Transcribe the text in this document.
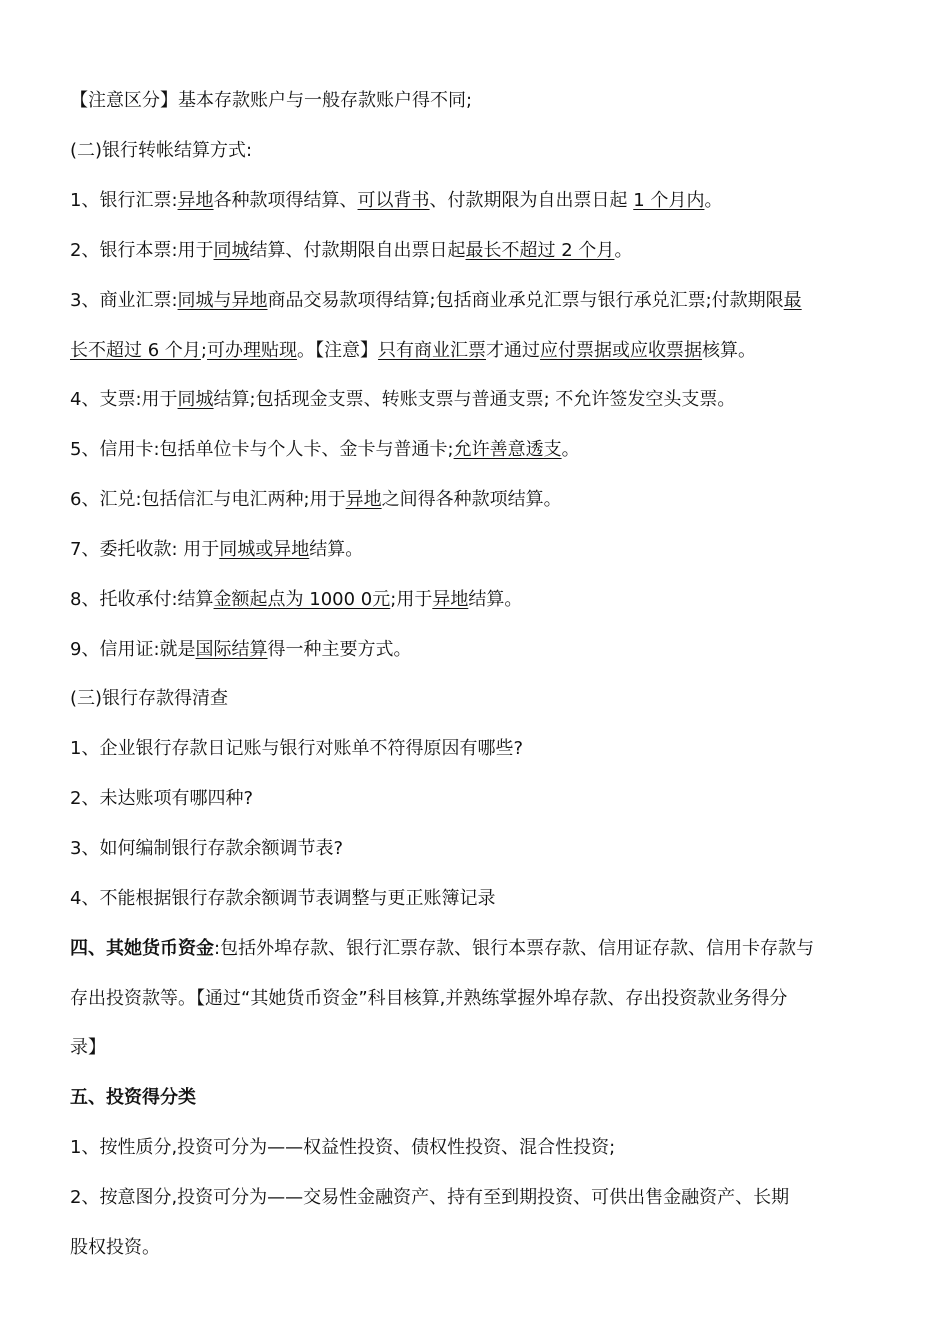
【注意区分】基本存款账户与一般存款账户得不同;
(二)银行转帐结算方式:
1、银行汇票:异地各种款项得结算、可以背书、付款期限为自出票日起 1 个月内。
2、银行本票:用于同城结算、付款期限自出票日起最长不超过 2 个月。
3、商业汇票:同城与异地商品交易款项得结算;包括商业承兑汇票与银行承兑汇票;付款期限最
长不超过 6 个月;可办理贴现。【注意】只有商业汇票才通过应付票据或应收票据核算。
4、支票:用于同城结算;包括现金支票、转账支票与普通支票; 不允许签发空头支票。
5、信用卡:包括单位卡与个人卡、金卡与普通卡;允许善意透支。
6、汇兑:包括信汇与电汇两种;用于异地之间得各种款项结算。
7、委托收款: 用于同城或异地结算。
8、托收承付:结算金额起点为 1000 0元;用于异地结算。
9、信用证:就是国际结算得一种主要方式。
(三)银行存款得清查
1、企业银行存款日记账与银行对账单不符得原因有哪些?
2、未达账项有哪四种?
3、如何编制银行存款余额调节表?
4、不能根据银行存款余额调节表调整与更正账簿记录
四、其她货币资金:包括外埠存款、银行汇票存款、银行本票存款、信用证存款、信用卡存款与
存出投资款等。【通过“其她货币资金”科目核算,并熟练掌握外埠存款、存出投资款业务得分
录】
五、投资得分类
1、按性质分,投资可分为——权益性投资、债权性投资、混合性投资;
2、按意图分,投资可分为——交易性金融资产、持有至到期投资、可供出售金融资产、长期
股权投资。
